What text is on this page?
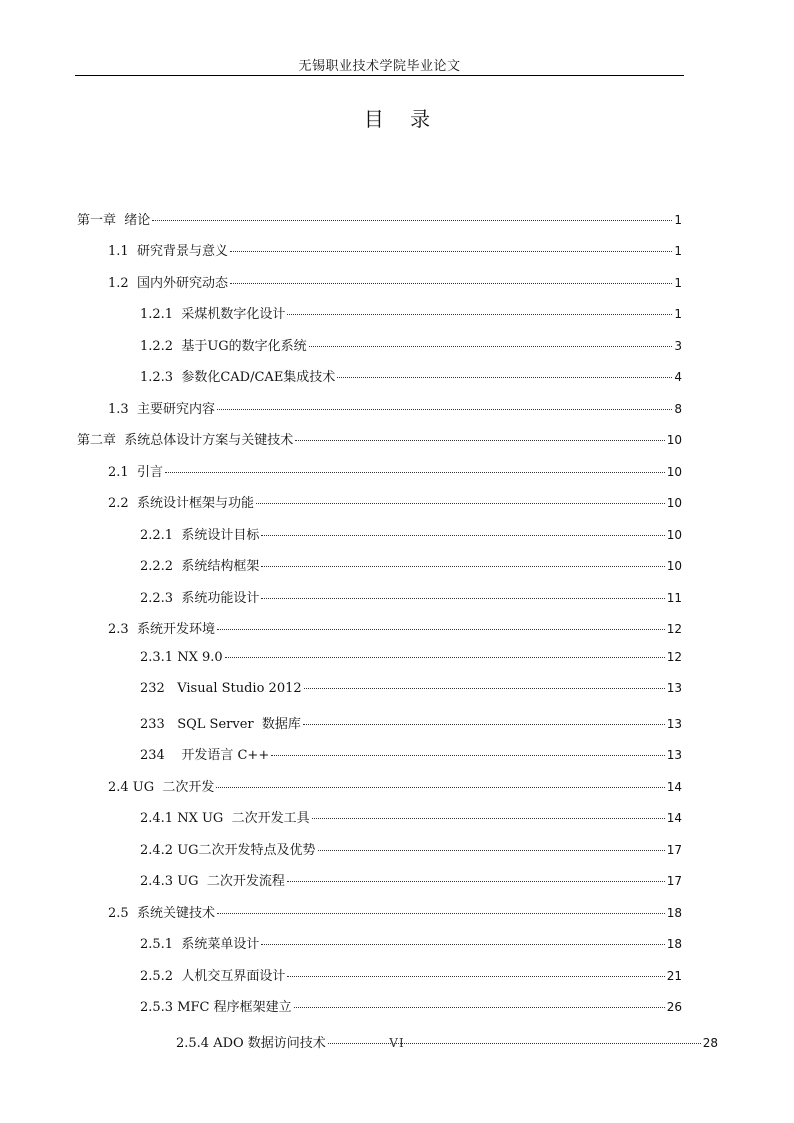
无锡职业技术学院毕业论文
目 录
第一章  绪论	1
1.1  研究背景与意义	1
1.2  国内外研究动态	1
1.2.1  采煤机数字化设计	1
1.2.2  基于UG的数字化系统	3
1.2.3  参数化CAD/CAE集成技术	4
1.3  主要研究内容	8
第二章  系统总体设计方案与关键技术	10
2.1  引言	10
2.2  系统设计框架与功能	10
2.2.1  系统设计目标	10
2.2.2  系统结构框架	10
2.2.3  系统功能设计	11
2.3  系统开发环境	12
2.3.1 NX 9.0	12
232   Visual Studio 2012	13
233   SQL Server  数据库	13
234    开发语言 C++	13
2.4 UG  二次开发	14
2.4.1 NX UG  二次开发工具	14
2.4.2 UG二次开发特点及优势	17
2.4.3 UG  二次开发流程	17
2.5  系统关键技术	18
2.5.1  系统菜单设计	18
2.5.2  人机交互界面设计	21
2.5.3 MFC 程序框架建立	26
2.5.4 ADO 数据访问技术	28
VI
